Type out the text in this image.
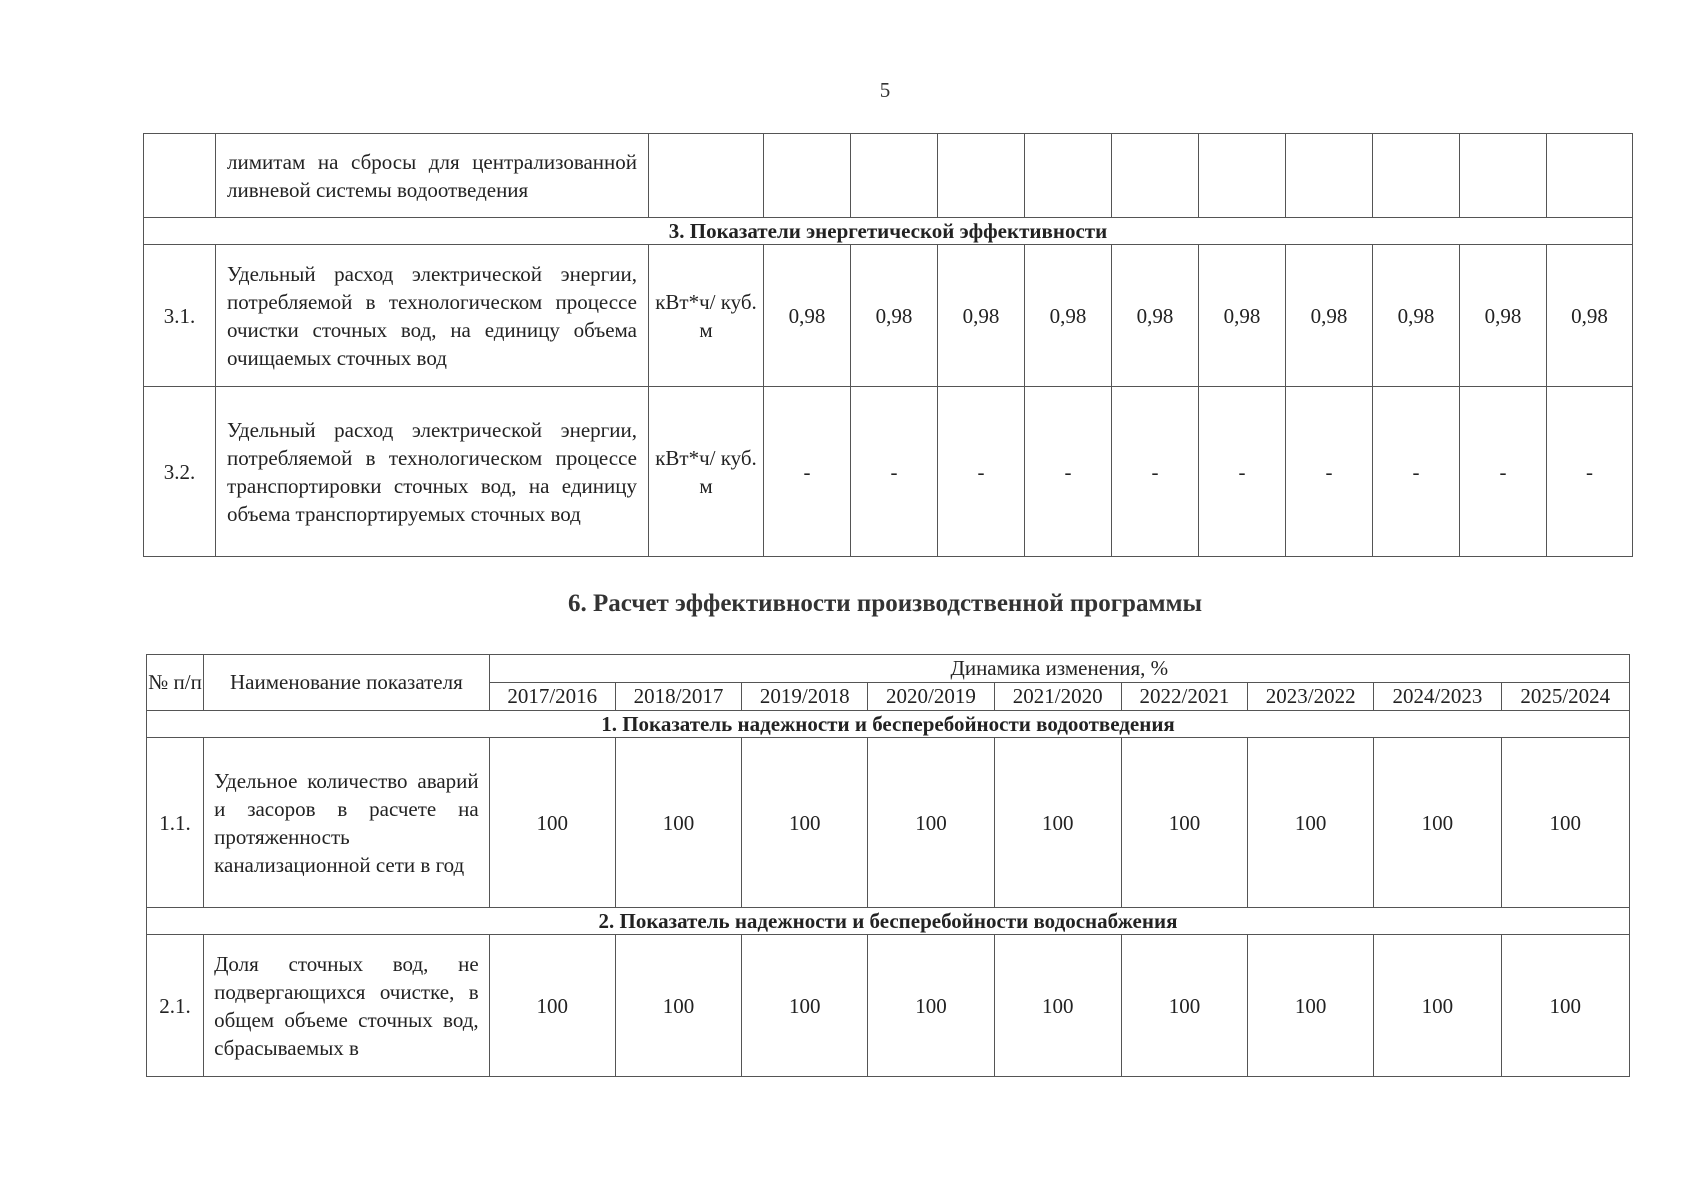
5
	лимитам на сбросы для централизованной ливневой системы водоотведения												
3. Показатели энергетической эффективности													
3.1.	Удельный расход электрической энергии, потребляемой в технологическом процессе очистки сточных вод, на единицу объема очищаемых сточных вод	кВт*ч/ куб. м	0,98	0,98	0,98	0,98	0,98	0,98	0,98	0,98	0,98	0,98	
3.2.	Удельный расход электрической энергии, потребляемой в технологическом процессе транспортировки сточных вод, на единицу объема транспортируемых сточных вод	кВт*ч/ куб. м	-	-	-	-	-	-	-	-	-	-	
6. Расчет эффективности производственной программы
№ п/п	Наименование показателя	Динамика изменения, %								
		2017/2016	2018/2017	2019/2018	2020/2019	2021/2020	2022/2021	2023/2022	2024/2023	2025/2024
1. Показатель надежности и бесперебойности водоотведения										
1.1.	Удельное количество аварий и засоров в расчете на протяженность канализационной сети в год	100	100	100	100	100	100	100	100	100
2. Показатель надежности и бесперебойности водоснабжения										
2.1.	Доля сточных вод, не подвергающихся очистке, в общем объеме сточных вод, сбрасываемых в	100	100	100	100	100	100	100	100	100
